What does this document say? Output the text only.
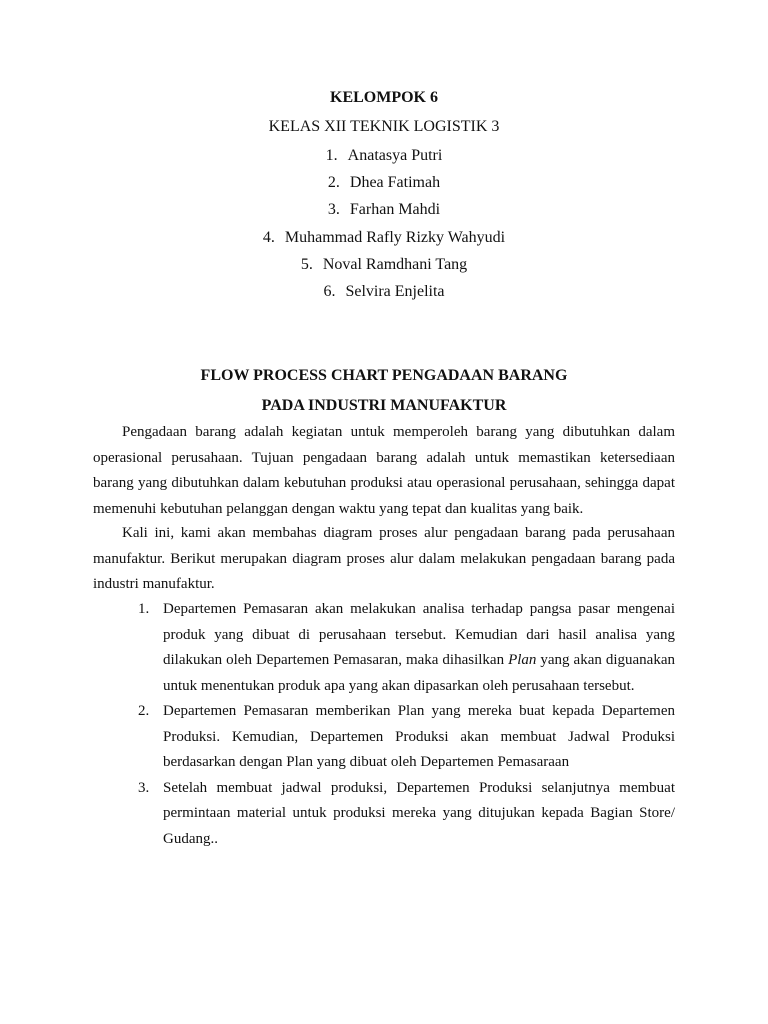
KELOMPOK 6
KELAS XII TEKNIK LOGISTIK 3
1. Anatasya Putri
2. Dhea Fatimah
3. Farhan Mahdi
4. Muhammad Rafly Rizky Wahyudi
5. Noval Ramdhani Tang
6. Selvira Enjelita
FLOW PROCESS CHART PENGADAAN BARANG
PADA INDUSTRI MANUFAKTUR

Pengadaan barang adalah kegiatan untuk memperoleh barang yang dibutuhkan dalam operasional perusahaan. Tujuan pengadaan barang adalah untuk memastikan ketersediaan barang yang dibutuhkan dalam kebutuhan produksi atau operasional perusahaan, sehingga dapat memenuhi kebutuhan pelanggan dengan waktu yang tepat dan kualitas yang baik.

Kali ini, kami akan membahas diagram proses alur pengadaan barang pada perusahaan manufaktur. Berikut merupakan diagram proses alur dalam melakukan pengadaan barang pada industri manufaktur.

1. Departemen Pemasaran akan melakukan analisa terhadap pangsa pasar mengenai produk yang dibuat di perusahaan tersebut. Kemudian dari hasil analisa yang dilakukan oleh Departemen Pemasaran, maka dihasilkan Plan yang akan diguanakan untuk menentukan produk apa yang akan dipasarkan oleh perusahaan tersebut.
2. Departemen Pemasaran memberikan Plan yang mereka buat kepada Departemen Produksi. Kemudian, Departemen Produksi akan membuat Jadwal Produksi berdasarkan dengan Plan yang dibuat oleh Departemen Pemasaraan
3. Setelah membuat jadwal produksi, Departemen Produksi selanjutnya membuat permintaan material untuk produksi mereka yang ditujukan kepada Bagian Store/ Gudang..
